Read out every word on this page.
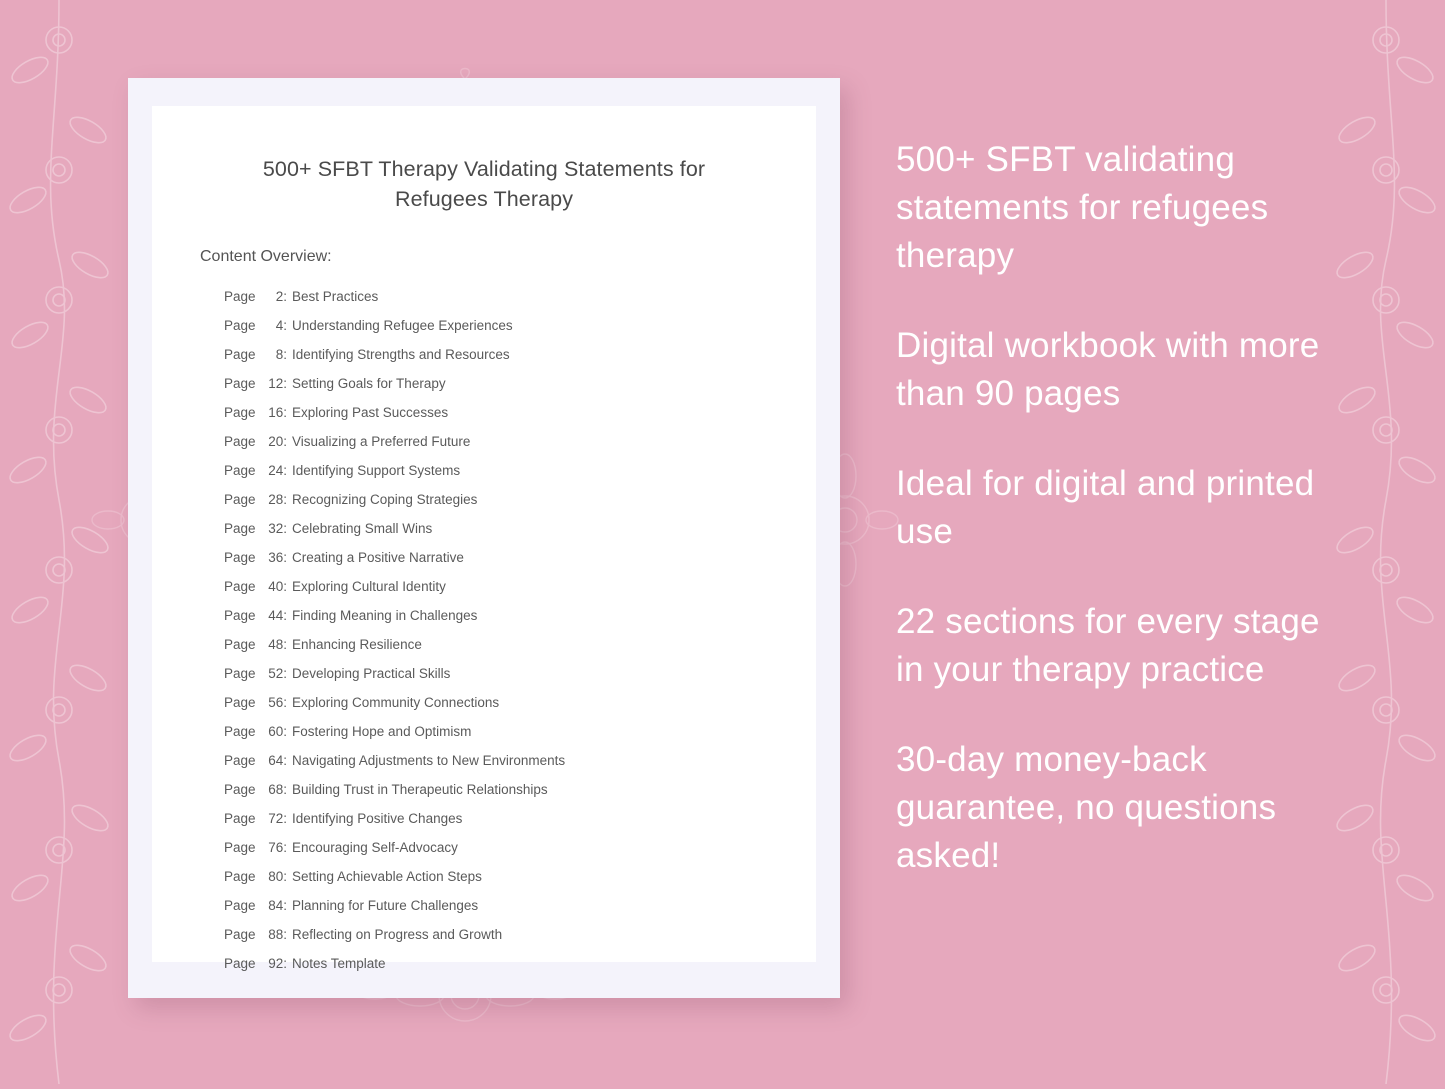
500+ SFBT Therapy Validating Statements for Refugees Therapy
Content Overview:
Page 2: Best Practices
Page 4: Understanding Refugee Experiences
Page 8: Identifying Strengths and Resources
Page 12: Setting Goals for Therapy
Page 16: Exploring Past Successes
Page 20: Visualizing a Preferred Future
Page 24: Identifying Support Systems
Page 28: Recognizing Coping Strategies
Page 32: Celebrating Small Wins
Page 36: Creating a Positive Narrative
Page 40: Exploring Cultural Identity
Page 44: Finding Meaning in Challenges
Page 48: Enhancing Resilience
Page 52: Developing Practical Skills
Page 56: Exploring Community Connections
Page 60: Fostering Hope and Optimism
Page 64: Navigating Adjustments to New Environments
Page 68: Building Trust in Therapeutic Relationships
Page 72: Identifying Positive Changes
Page 76: Encouraging Self-Advocacy
Page 80: Setting Achievable Action Steps
Page 84: Planning for Future Challenges
Page 88: Reflecting on Progress and Growth
Page 92: Notes Template
500+ SFBT validating statements for refugees therapy
Digital workbook with more than 90 pages
Ideal for digital and printed use
22 sections for every stage in your therapy practice
30-day money-back guarantee, no questions asked!
